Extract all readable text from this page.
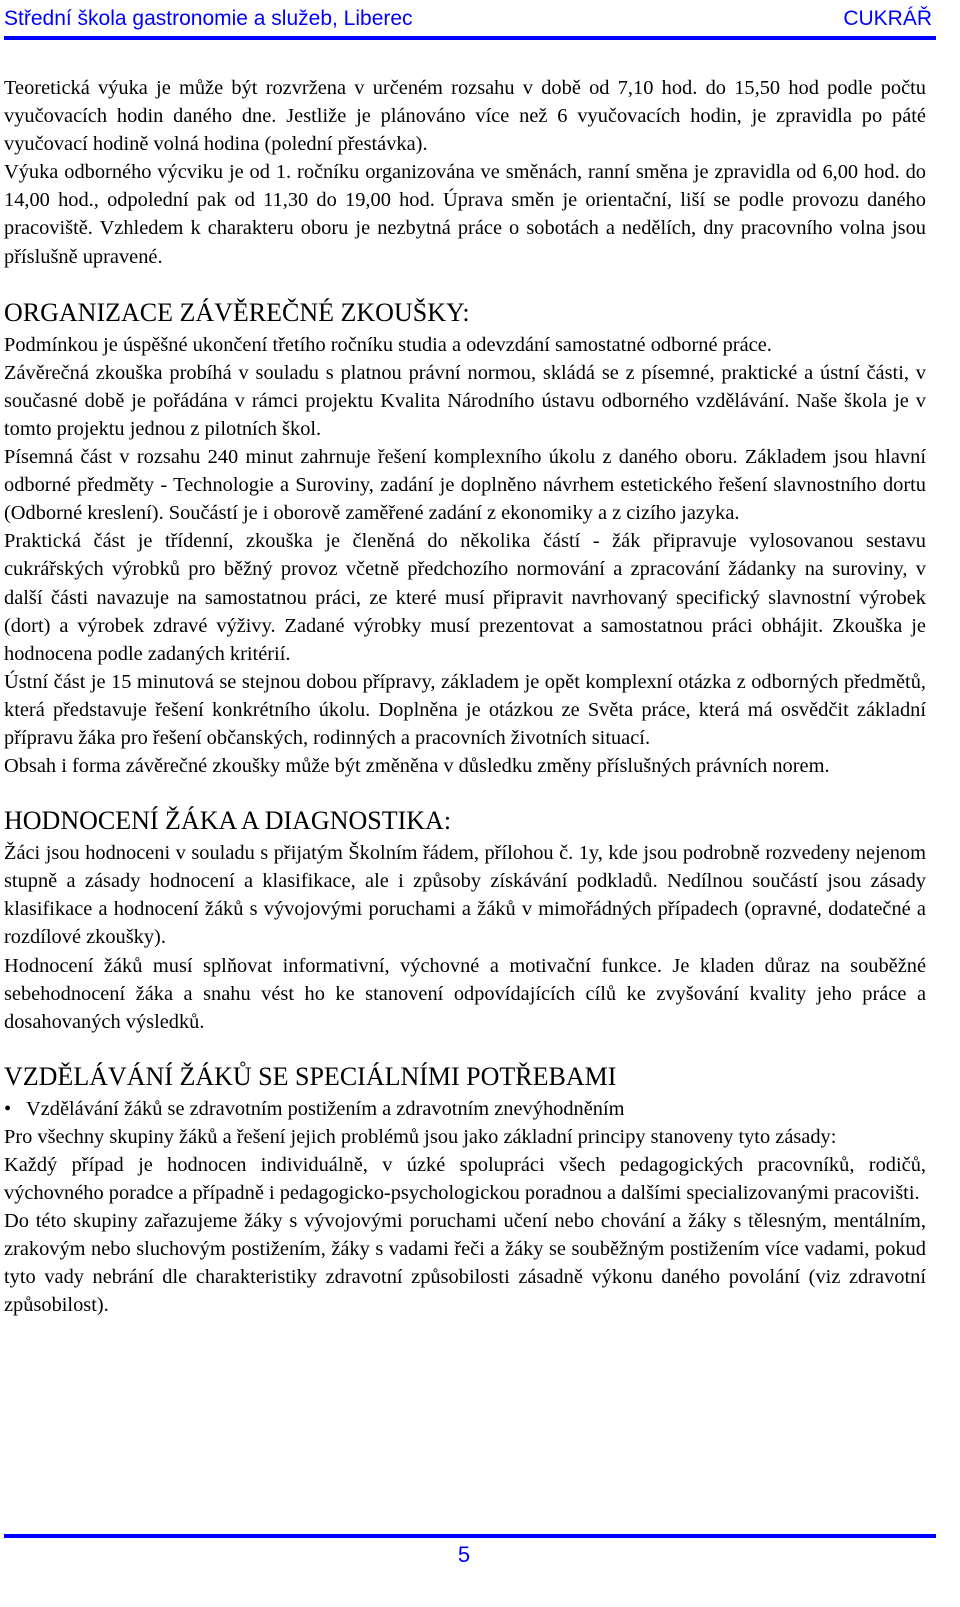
Střední škola gastronomie a služeb, Liberec	CUKRÁŘ

Teoretická výuka je může být rozvržena v určeném rozsahu v době od 7,10 hod. do 15,50 hod podle počtu vyučovacích hodin daného dne. Jestliže je plánováno více než 6 vyučovacích hodin, je zpravidla po páté vyučovací hodině volná hodina (polední přestávka).

Výuka odborného výcviku je od 1. ročníku organizována ve směnách, ranní směna je zpravidla od 6,00 hod. do 14,00 hod., odpolední pak od 11,30 do 19,00 hod. Úprava směn je orientační, liší se podle provozu daného pracoviště. Vzhledem k charakteru oboru je nezbytná práce o sobotách a nedělích, dny pracovního volna jsou příslušně upravené.

ORGANIZACE ZÁVĚREČNÉ ZKOUŠKY:

Podmínkou je úspěšné ukončení třetího ročníku studia a odevzdání samostatné odborné práce.

Závěrečná zkouška probíhá v souladu s platnou právní normou, skládá se z písemné, praktické a ústní části, v současné době je pořádána v rámci projektu Kvalita Národního ústavu odborného vzdělávání. Naše škola je v tomto projektu jednou z pilotních škol.

Písemná část v rozsahu 240 minut zahrnuje řešení komplexního úkolu z daného oboru. Základem jsou hlavní odborné předměty - Technologie a Suroviny, zadání je doplněno návrhem estetického řešení slavnostního dortu (Odborné kreslení). Součástí je i oborově zaměřené zadání z ekonomiky a z cizího jazyka.

Praktická část je třídenní, zkouška je členěná do několika částí - žák připravuje vylosovanou sestavu cukrářských výrobků pro běžný provoz včetně předchozího normování a zpracování žádanky na suroviny, v další části navazuje na samostatnou práci, ze které musí připravit navrhovaný specifický slavnostní výrobek (dort) a výrobek zdravé výživy. Zadané výrobky musí prezentovat a samostatnou práci obhájit. Zkouška je hodnocena podle zadaných kritérií.

Ústní část je 15 minutová se stejnou dobou přípravy, základem je opět komplexní otázka z odborných předmětů, která představuje řešení konkrétního úkolu. Doplněna je otázkou ze Světa práce, která má osvědčit základní přípravu žáka pro řešení občanských, rodinných a pracovních životních situací.

Obsah i forma závěrečné zkoušky může být změněna v důsledku změny příslušných právních norem.

HODNOCENÍ ŽÁKA A DIAGNOSTIKA:

Žáci jsou hodnoceni v souladu s přijatým Školním řádem, přílohou č. 1y, kde jsou podrobně rozvedeny nejenom stupně a zásady hodnocení a klasifikace, ale i způsoby získávání podkladů. Nedílnou součástí jsou zásady klasifikace a hodnocení žáků s vývojovými poruchami a žáků v mimořádných případech (opravné, dodatečné a rozdílové zkoušky).

Hodnocení žáků musí splňovat informativní, výchovné a motivační funkce. Je kladen důraz na souběžné sebehodnocení žáka a snahu vést ho ke stanovení odpovídajících cílů ke zvyšování kvality jeho práce a dosahovaných výsledků.

VZDĚLÁVÁNÍ ŽÁKŮ SE SPECIÁLNÍMI POTŘEBAMI
• Vzdělávání žáků se zdravotním postižením a zdravotním znevýhodněním

Pro všechny skupiny žáků a řešení jejich problémů jsou jako základní principy stanoveny tyto zásady:

Každý případ je hodnocen individuálně, v úzké spolupráci všech pedagogických pracovníků, rodičů, výchovného poradce a případně i pedagogicko-psychologickou poradnou a dalšími specializovanými pracovišti.

Do této skupiny zařazujeme žáky s vývojovými poruchami učení nebo chování a žáky s tělesným, mentálním, zrakovým nebo sluchovým postižením, žáky s vadami řeči a žáky se souběžným postižením více vadami, pokud tyto vady nebrání dle charakteristiky zdravotní způsobilosti zásadně výkonu daného povolání (viz zdravotní způsobilost).

5
